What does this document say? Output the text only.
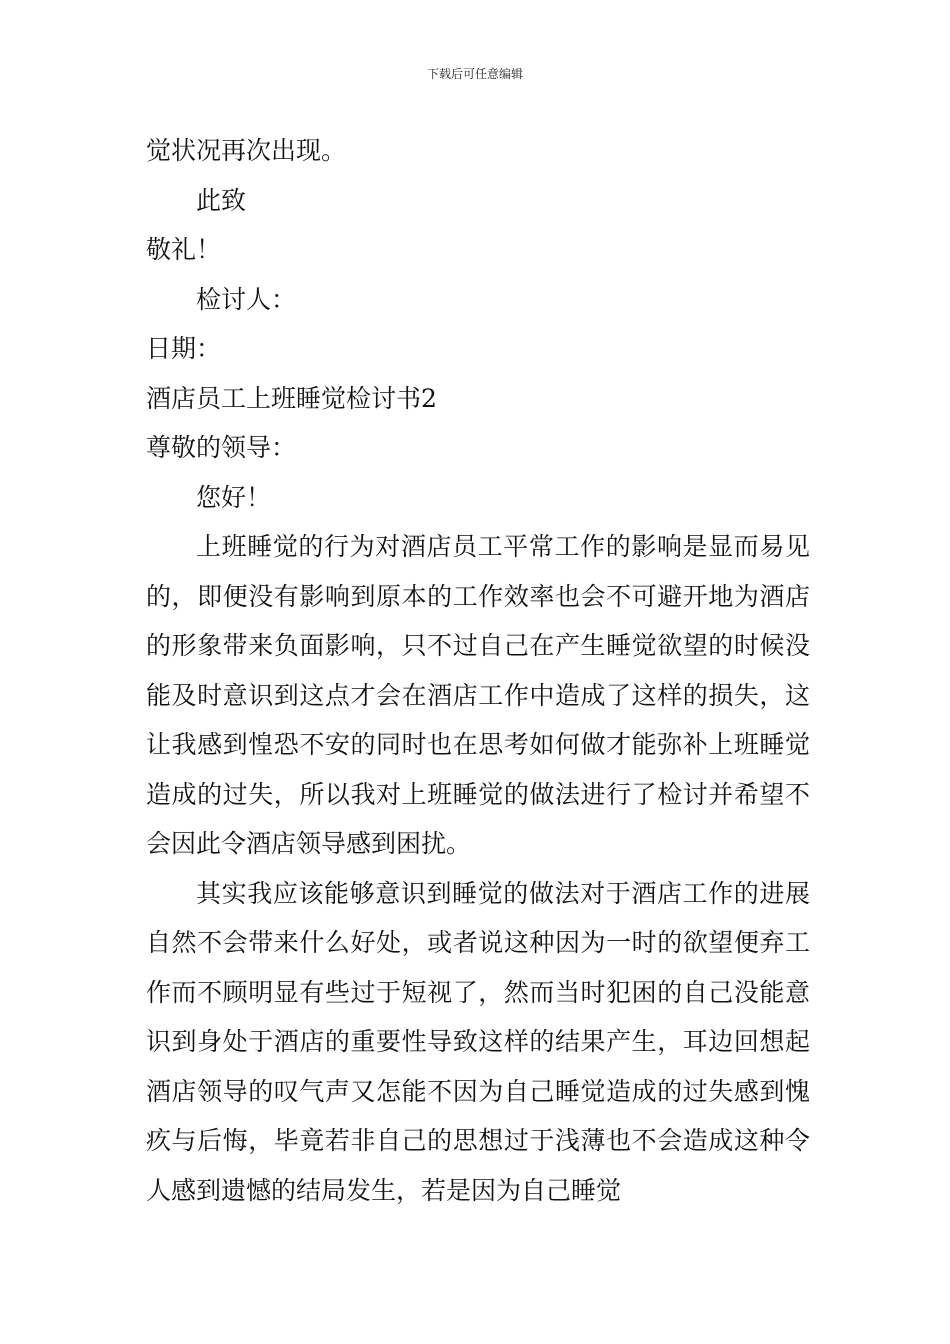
下载后可任意编辑
觉状况再次出现。
此致
敬礼！
检讨人：
日期：
酒店员工上班睡觉检讨书2
尊敬的领导：
您好！
上班睡觉的行为对酒店员工平常工作的影响是显而易见的，即便没有影响到原本的工作效率也会不可避开地为酒店的形象带来负面影响，只不过自己在产生睡觉欲望的时候没能及时意识到这点才会在酒店工作中造成了这样的损失，这让我感到惶恐不安的同时也在思考如何做才能弥补上班睡觉造成的过失，所以我对上班睡觉的做法进行了检讨并希望不会因此令酒店领导感到困扰。
其实我应该能够意识到睡觉的做法对于酒店工作的进展自然不会带来什么好处，或者说这种因为一时的欲望便弃工作而不顾明显有些过于短视了，然而当时犯困的自己没能意识到身处于酒店的重要性导致这样的结果产生，耳边回想起酒店领导的叹气声又怎能不因为自己睡觉造成的过失感到愧疚与后悔，毕竟若非自己的思想过于浅薄也不会造成这种令人感到遗憾的结局发生，若是因为自己睡觉
